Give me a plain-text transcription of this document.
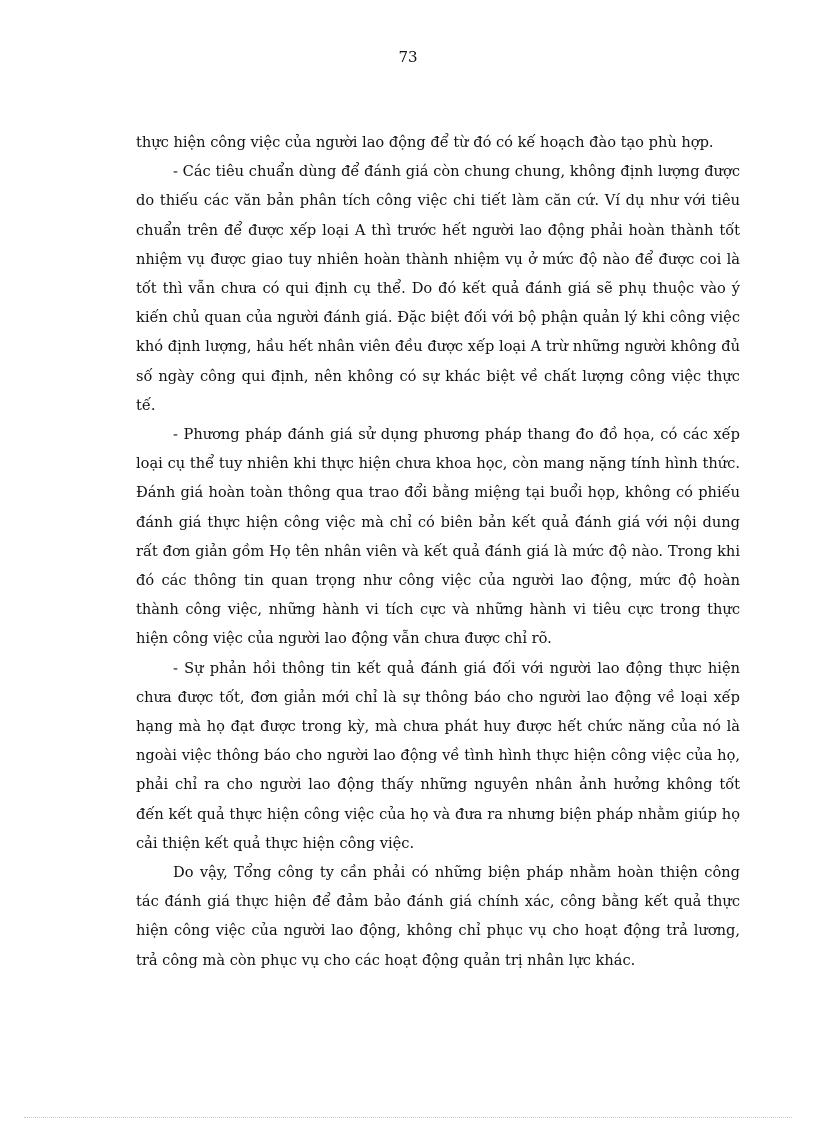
73

thực hiện công việc của người lao động để từ đó có kế hoạch đào tạo phù hợp.

- Các tiêu chuẩn dùng để đánh giá còn chung chung, không định lượng được do thiếu các văn bản phân tích công việc chi tiết làm căn cứ. Ví dụ như với tiêu chuẩn trên để được xếp loại A thì trước hết người lao động phải hoàn thành tốt nhiệm vụ được giao tuy nhiên hoàn thành nhiệm vụ ở mức độ nào để được coi là tốt thì vẫn chưa có qui định cụ thể. Do đó kết quả đánh giá sẽ phụ thuộc vào ý kiến chủ quan của người đánh giá. Đặc biệt đối với bộ phận quản lý khi công việc khó định lượng, hầu hết nhân viên đều được xếp loại A trừ những người không đủ số ngày công qui định, nên không có sự khác biệt về chất lượng công việc thực tế.

- Phương pháp đánh giá sử dụng phương pháp thang đo đồ họa, có các xếp loại cụ thể tuy nhiên khi thực hiện chưa khoa học, còn mang nặng tính hình thức. Đánh giá hoàn toàn thông qua trao đổi bằng miệng tại buổi họp, không có phiếu đánh giá thực hiện công việc mà chỉ có biên bản kết quả đánh giá với nội dung rất đơn giản gồm Họ tên nhân viên và kết quả đánh giá là mức độ nào. Trong khi đó các thông tin quan trọng như công việc của người lao động, mức độ hoàn thành công việc, những hành vi tích cực và những hành vi tiêu cực trong thực hiện công việc của người lao động vẫn chưa được chỉ rõ.

- Sự phản hồi thông tin kết quả đánh giá đối với người lao động thực hiện chưa được tốt, đơn giản mới chỉ là sự thông báo cho người lao động về loại xếp hạng mà họ đạt được trong kỳ, mà chưa phát huy được hết chức năng của nó là ngoài việc thông báo cho người lao động về tình hình thực hiện công việc của họ, phải chỉ ra cho người lao động thấy những nguyên nhân ảnh hưởng không tốt đến kết quả thực hiện công việc của họ và đưa ra nhưng biện pháp nhằm giúp họ cải thiện kết quả thực hiện công việc.

Do vậy, Tổng công ty cần phải có những biện pháp nhằm hoàn thiện công tác đánh giá thực hiện để đảm bảo đánh giá chính xác, công bằng kết quả thực hiện công việc của người lao động, không chỉ phục vụ cho hoạt động trả lương, trả công mà còn phục vụ cho các hoạt động quản trị nhân lực khác.
